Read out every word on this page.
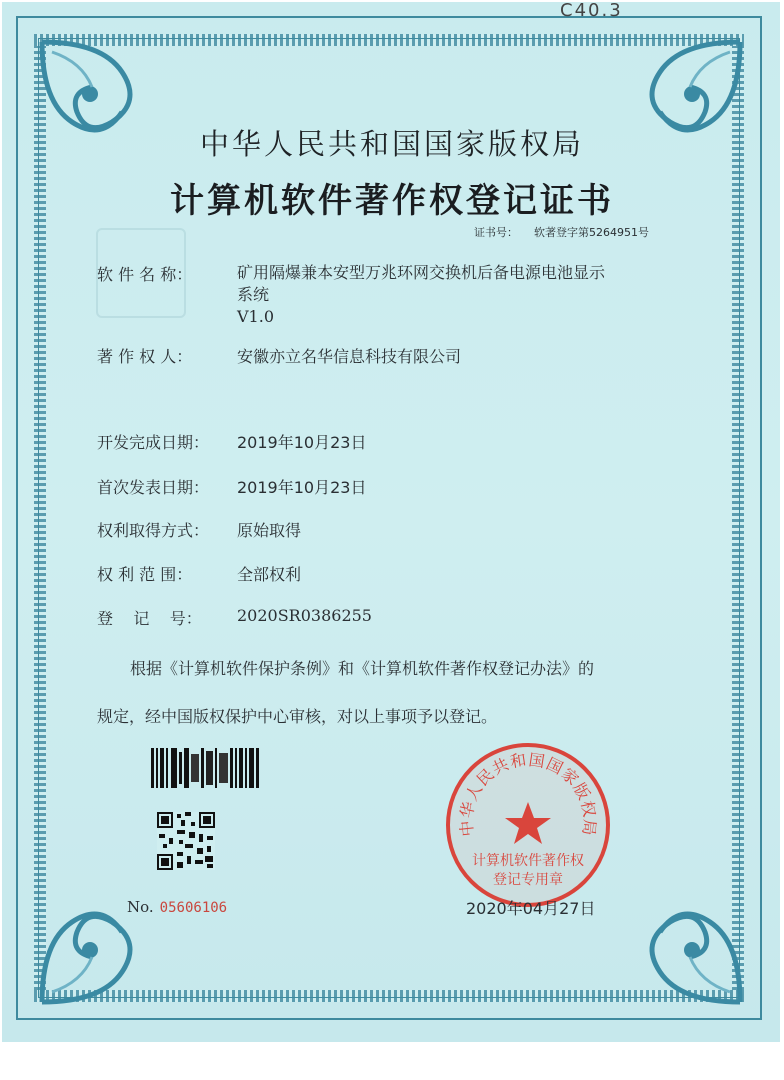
C40.3
中华人民共和国国家版权局
计算机软件著作权登记证书
证书号： 软著登字第5264951号
软 件 名 称：	矿用隔爆兼本安型万兆环网交换机后备电源电池显示
系统
V1.0
著 作 权 人：	安徽亦立名华信息科技有限公司
开发完成日期： 2019年10月23日
首次发表日期： 2019年10月23日
权利取得方式： 原始取得
权 利 范 围：	全部权利
登    记    号： 2020SR0386255
根据《计算机软件保护条例》和《计算机软件著作权登记办法》的
规定，经中国版权保护中心审核，对以上事项予以登记。
No. 05606106
中华人民共和国国家版权局
计算机软件著作权
登记专用章
2020年04月27日
